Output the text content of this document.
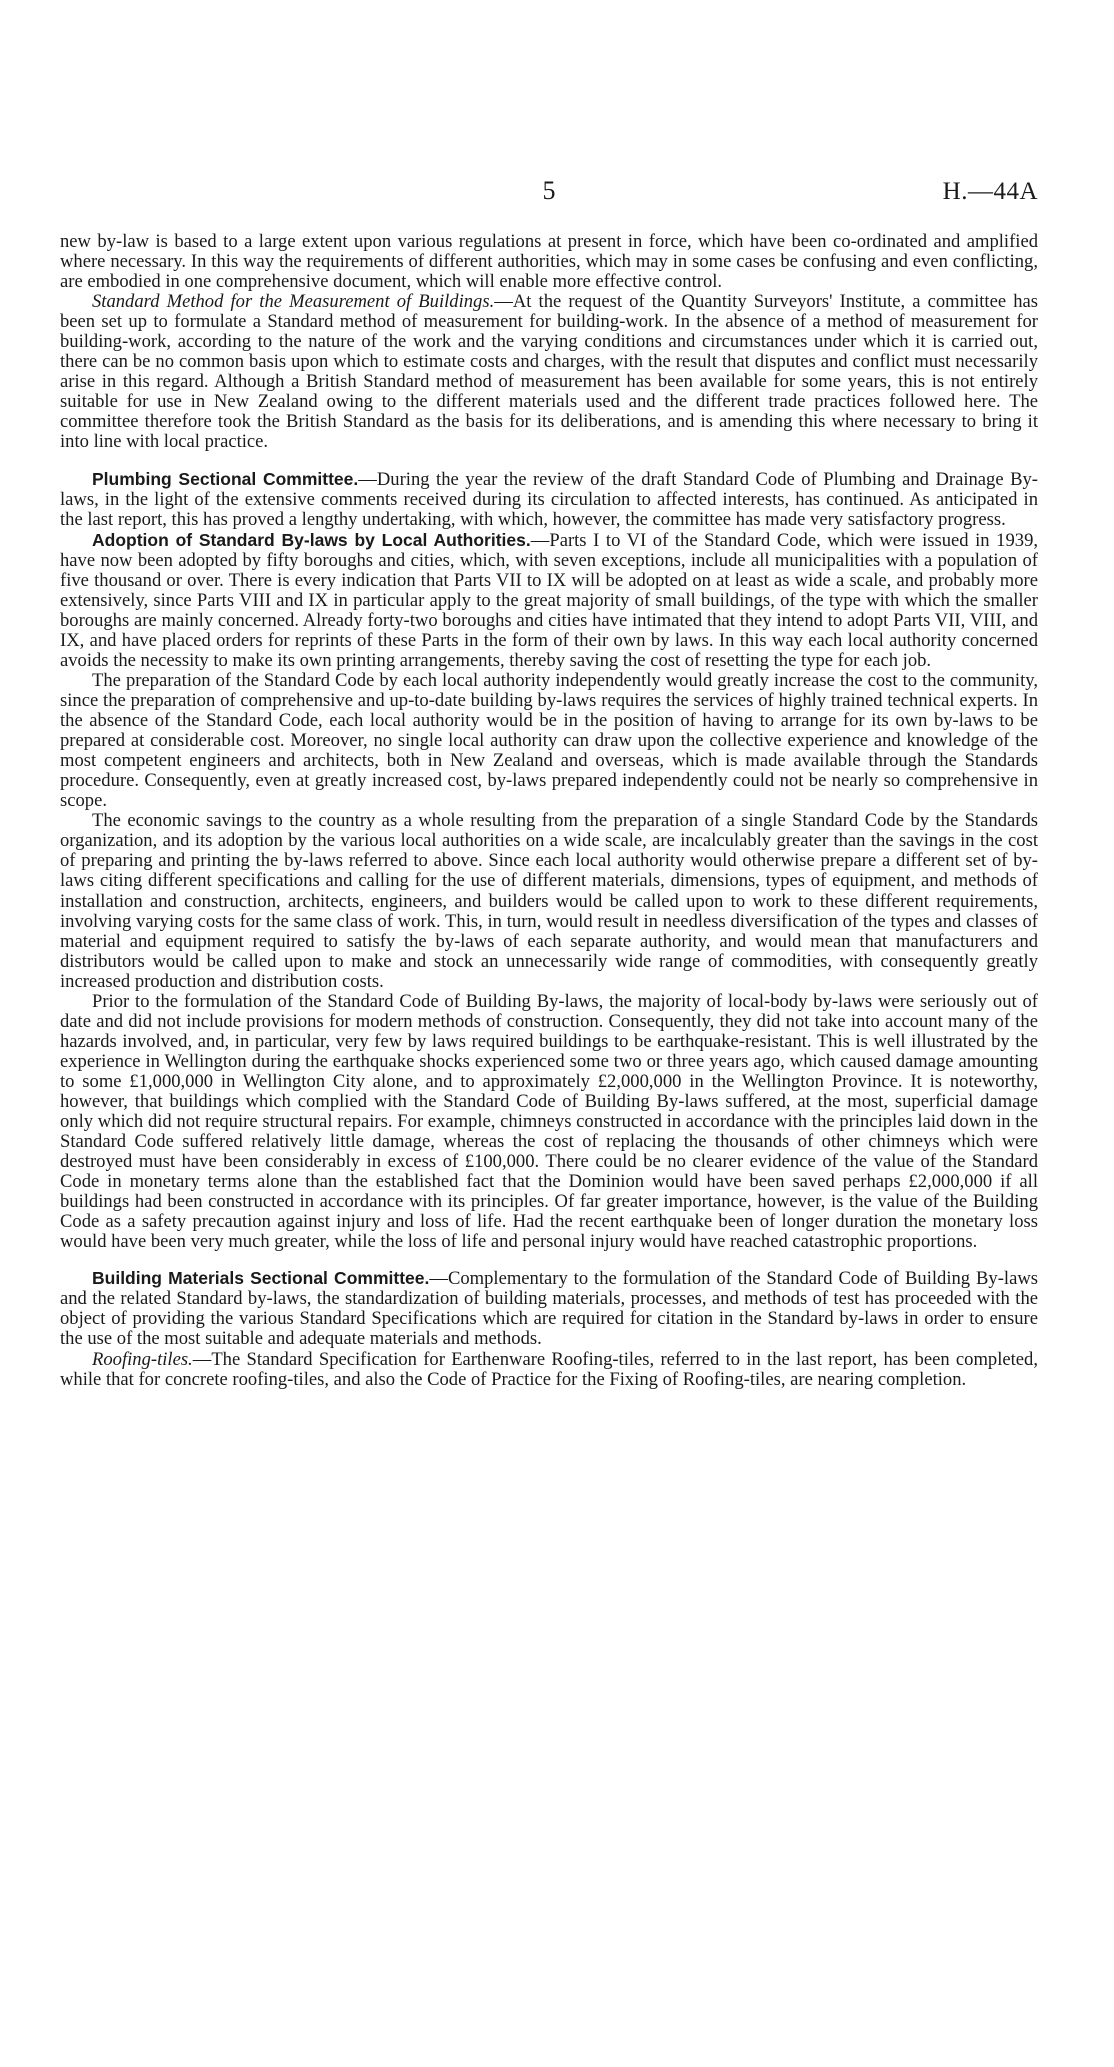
5	H.—44A

new by-law is based to a large extent upon various regulations at present in force, which have been co-ordinated and amplified where necessary. In this way the requirements of different authorities, which may in some cases be confusing and even conflicting, are embodied in one comprehensive document, which will enable more effective control.

Standard Method for the Measurement of Buildings.—At the request of the Quantity Surveyors' Institute, a committee has been set up to formulate a Standard method of measurement for building-work. In the absence of a method of measurement for building-work, according to the nature of the work and the varying conditions and circumstances under which it is carried out, there can be no common basis upon which to estimate costs and charges, with the result that disputes and conflict must necessarily arise in this regard. Although a British Standard method of measurement has been available for some years, this is not entirely suitable for use in New Zealand owing to the different materials used and the different trade practices followed here. The committee therefore took the British Standard as the basis for its deliberations, and is amending this where necessary to bring it into line with local practice.

Plumbing Sectional Committee.—During the year the review of the draft Standard Code of Plumbing and Drainage By-laws, in the light of the extensive comments received during its circulation to affected interests, has continued. As anticipated in the last report, this has proved a lengthy undertaking, with which, however, the committee has made very satisfactory progress.

Adoption of Standard By-laws by Local Authorities.—Parts I to VI of the Standard Code, which were issued in 1939, have now been adopted by fifty boroughs and cities, which, with seven exceptions, include all municipalities with a population of five thousand or over. There is every indication that Parts VII to IX will be adopted on at least as wide a scale, and probably more extensively, since Parts VIII and IX in particular apply to the great majority of small buildings, of the type with which the smaller boroughs are mainly concerned. Already forty-two boroughs and cities have intimated that they intend to adopt Parts VII, VIII, and IX, and have placed orders for reprints of these Parts in the form of their own by laws. In this way each local authority concerned avoids the necessity to make its own printing arrangements, thereby saving the cost of resetting the type for each job.

The preparation of the Standard Code by each local authority independently would greatly increase the cost to the community, since the preparation of comprehensive and up-to-date building by-laws requires the services of highly trained technical experts. In the absence of the Standard Code, each local authority would be in the position of having to arrange for its own by-laws to be prepared at considerable cost. Moreover, no single local authority can draw upon the collective experience and knowledge of the most competent engineers and architects, both in New Zealand and overseas, which is made available through the Standards procedure. Consequently, even at greatly increased cost, by-laws prepared independently could not be nearly so comprehensive in scope.

The economic savings to the country as a whole resulting from the preparation of a single Standard Code by the Standards organization, and its adoption by the various local authorities on a wide scale, are incalculably greater than the savings in the cost of preparing and printing the by-laws referred to above. Since each local authority would otherwise prepare a different set of by-laws citing different specifications and calling for the use of different materials, dimensions, types of equipment, and methods of installation and construction, architects, engineers, and builders would be called upon to work to these different requirements, involving varying costs for the same class of work. This, in turn, would result in needless diversification of the types and classes of material and equipment required to satisfy the by-laws of each separate authority, and would mean that manufacturers and distributors would be called upon to make and stock an unnecessarily wide range of commodities, with consequently greatly increased production and distribution costs.

Prior to the formulation of the Standard Code of Building By-laws, the majority of local-body by-laws were seriously out of date and did not include provisions for modern methods of construction. Consequently, they did not take into account many of the hazards involved, and, in particular, very few by laws required buildings to be earthquake-resistant. This is well illustrated by the experience in Wellington during the earthquake shocks experienced some two or three years ago, which caused damage amounting to some £1,000,000 in Wellington City alone, and to approximately £2,000,000 in the Wellington Province. It is noteworthy, however, that buildings which complied with the Standard Code of Building By-laws suffered, at the most, superficial damage only which did not require structural repairs. For example, chimneys constructed in accordance with the principles laid down in the Standard Code suffered relatively little damage, whereas the cost of replacing the thousands of other chimneys which were destroyed must have been considerably in excess of £100,000. There could be no clearer evidence of the value of the Standard Code in monetary terms alone than the established fact that the Dominion would have been saved perhaps £2,000,000 if all buildings had been constructed in accordance with its principles. Of far greater importance, however, is the value of the Building Code as a safety precaution against injury and loss of life. Had the recent earthquake been of longer duration the monetary loss would have been very much greater, while the loss of life and personal injury would have reached catastrophic proportions.

Building Materials Sectional Committee.—Complementary to the formulation of the Standard Code of Building By-laws and the related Standard by-laws, the standardization of building materials, processes, and methods of test has proceeded with the object of providing the various Standard Specifications which are required for citation in the Standard by-laws in order to ensure the use of the most suitable and adequate materials and methods.

Roofing-tiles.—The Standard Specification for Earthenware Roofing-tiles, referred to in the last report, has been completed, while that for concrete roofing-tiles, and also the Code of Practice for the Fixing of Roofing-tiles, are nearing completion.
